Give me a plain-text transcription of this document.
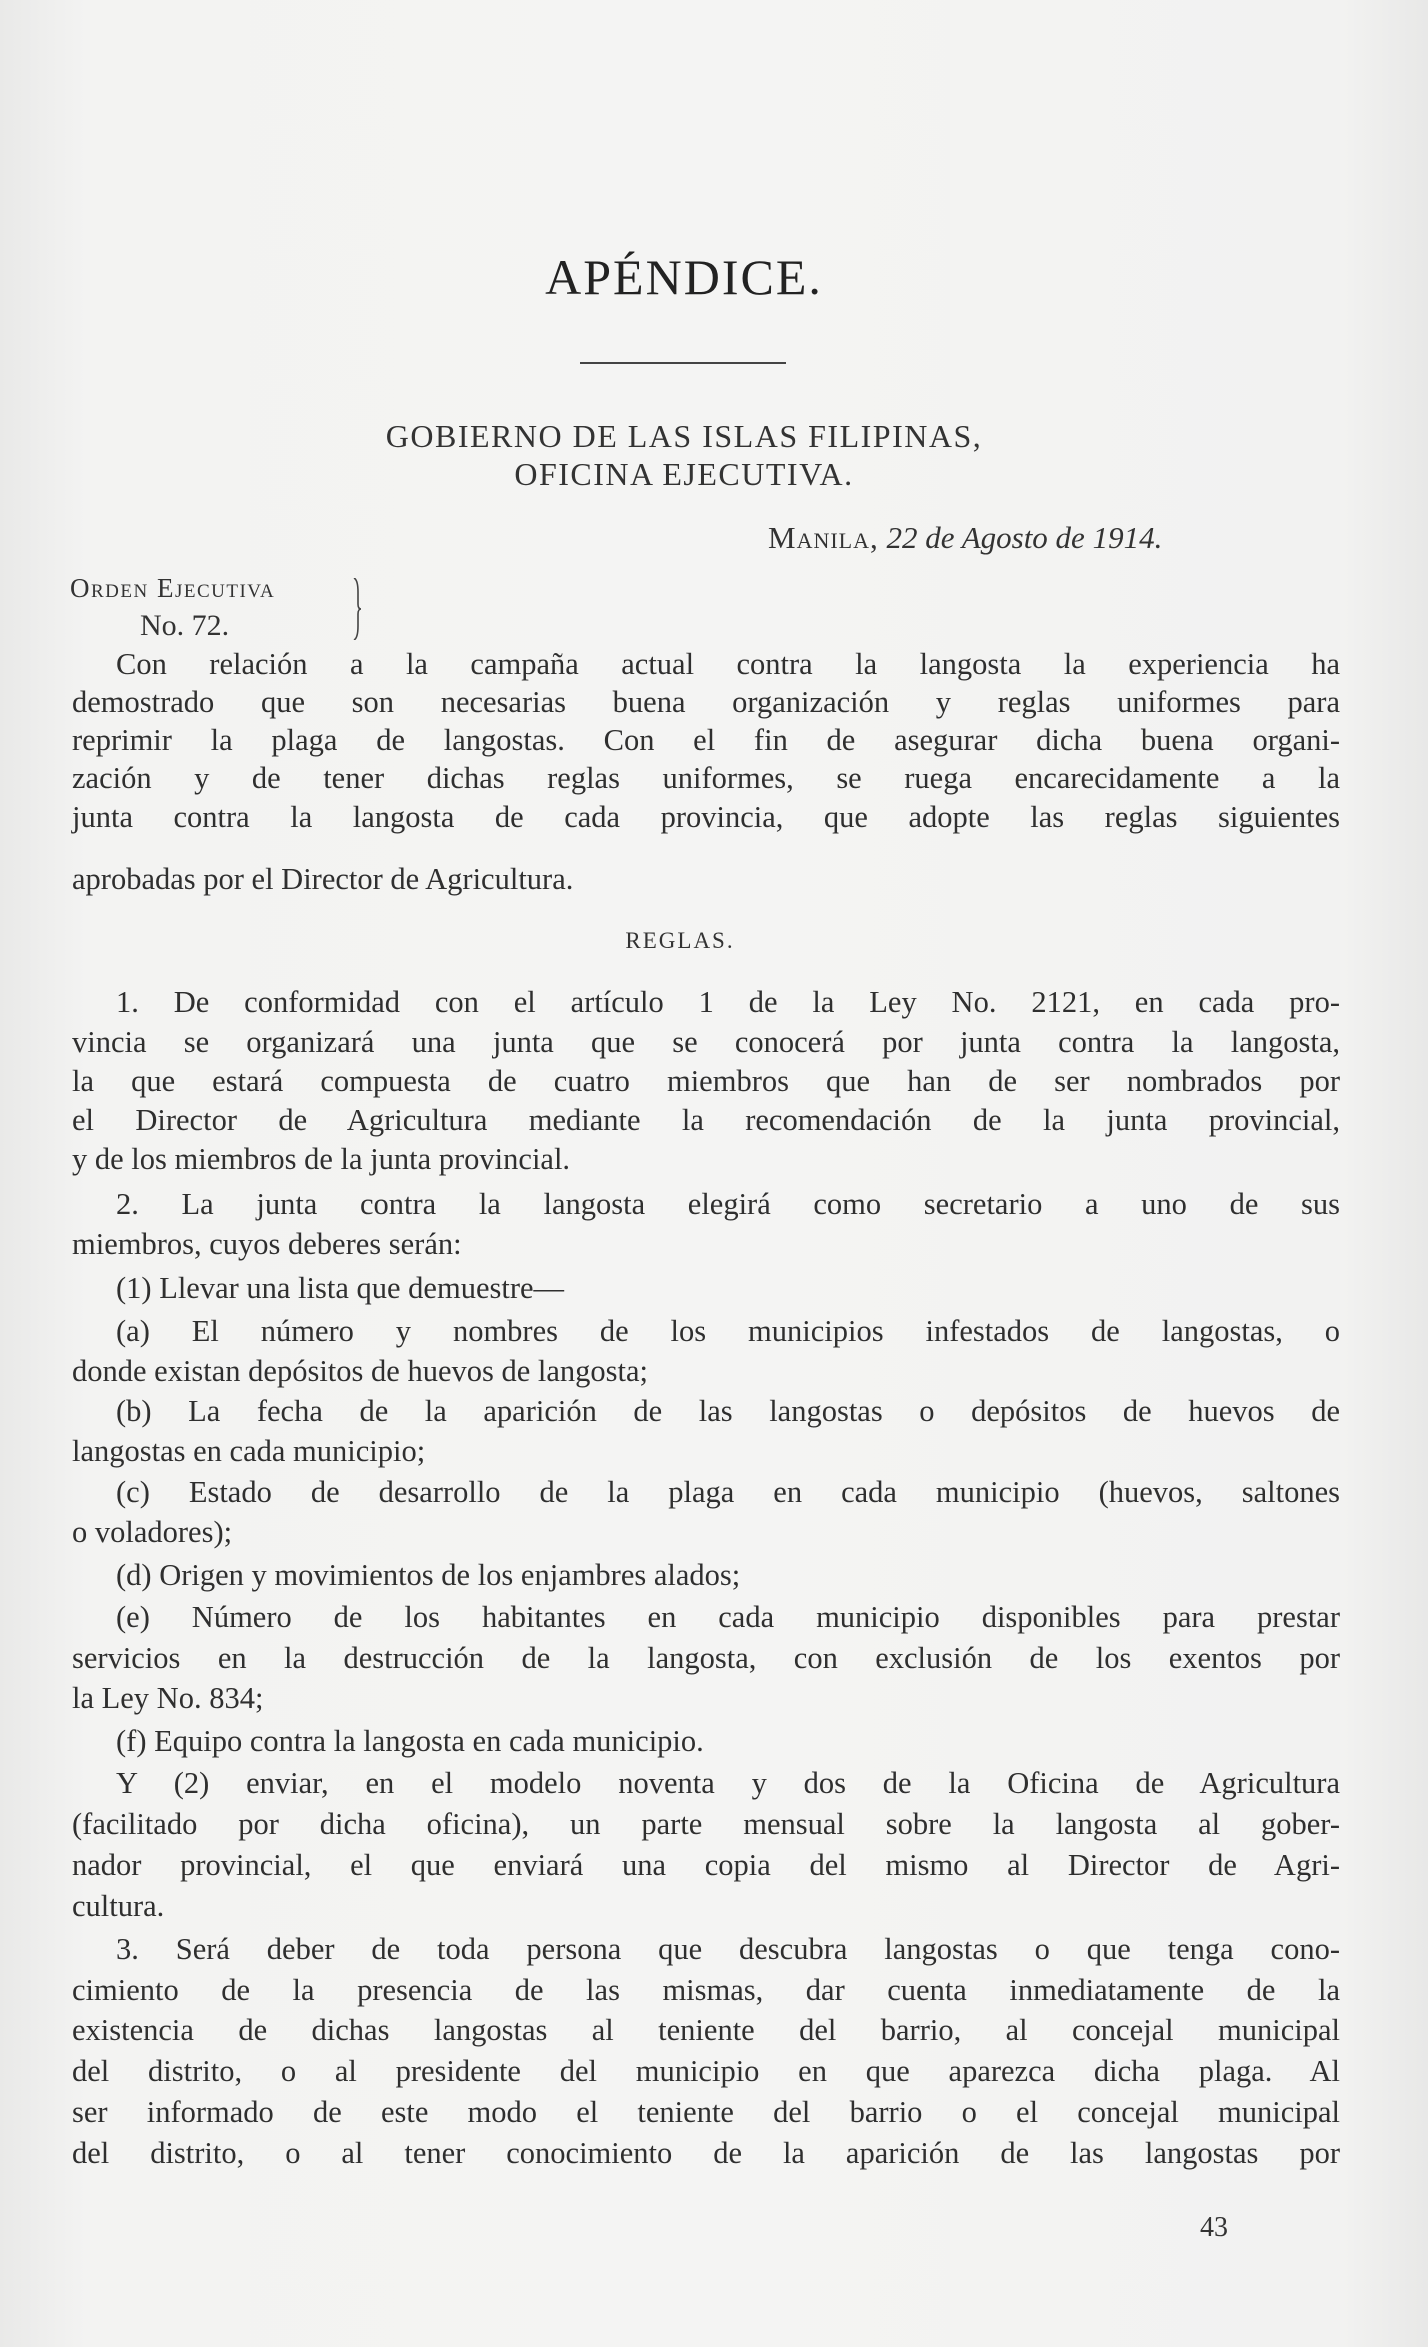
APÉNDICE.
GOBIERNO DE LAS ISLAS FILIPINAS,
OFICINA EJECUTIVA.
Manila, 22 de Agosto de 1914.
Orden Ejecutiva
No. 72.
Con relación a la campaña actual contra la langosta la experiencia ha
demostrado que son necesarias buena organización y reglas uniformes para
reprimir la plaga de langostas. Con el fin de asegurar dicha buena organi-
zación y de tener dichas reglas uniformes, se ruega encarecidamente a la
junta contra la langosta de cada provincia, que adopte las reglas siguientes
aprobadas por el Director de Agricultura.
REGLAS.
1. De conformidad con el artículo 1 de la Ley No. 2121, en cada pro-
vincia se organizará una junta que se conocerá por junta contra la langosta,
la que estará compuesta de cuatro miembros que han de ser nombrados por
el Director de Agricultura mediante la recomendación de la junta provincial,
y de los miembros de la junta provincial.
2. La junta contra la langosta elegirá como secretario a uno de sus
miembros, cuyos deberes serán:
(1) Llevar una lista que demuestre—
(a) El número y nombres de los municipios infestados de langostas, o
donde existan depósitos de huevos de langosta;
(b) La fecha de la aparición de las langostas o depósitos de huevos de
langostas en cada municipio;
(c) Estado de desarrollo de la plaga en cada municipio (huevos, saltones
o voladores);
(d) Origen y movimientos de los enjambres alados;
(e) Número de los habitantes en cada municipio disponibles para prestar
servicios en la destrucción de la langosta, con exclusión de los exentos por
la Ley No. 834;
(f) Equipo contra la langosta en cada municipio.
Y (2) enviar, en el modelo noventa y dos de la Oficina de Agricultura
(facilitado por dicha oficina), un parte mensual sobre la langosta al gober-
nador provincial, el que enviará una copia del mismo al Director de Agri-
cultura.
3. Será deber de toda persona que descubra langostas o que tenga cono-
cimiento de la presencia de las mismas, dar cuenta inmediatamente de la
existencia de dichas langostas al teniente del barrio, al concejal municipal
del distrito, o al presidente del municipio en que aparezca dicha plaga. Al
ser informado de este modo el teniente del barrio o el concejal municipal
del distrito, o al tener conocimiento de la aparición de las langostas por
43
